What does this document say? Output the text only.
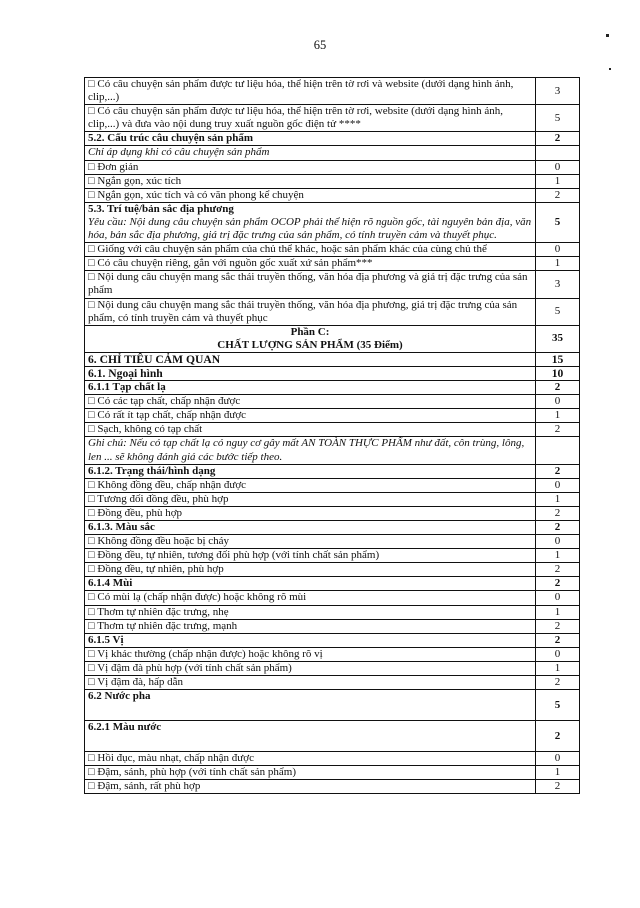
65
□ Có câu chuyện sản phẩm được tư liệu hóa, thể hiện trên tờ rơi và website (dưới dạng hình ảnh, clip,...)	3
□ Có câu chuyện sản phẩm được tư liệu hóa, thể hiện trên tờ rơi, website (dưới dạng hình ảnh, clip,...) và đưa vào nội dung truy xuất nguồn gốc điện tử ****	5
5.2. Cấu trúc câu chuyện sản phẩm	2
Chỉ áp dụng khi có câu chuyện sản phẩm	
□ Đơn giản	0
□ Ngắn gọn, xúc tích	1
□ Ngắn gọn, xúc tích và có văn phong kể chuyện	2

5.3. Trí tuệ/bản sắc địa phương
Yêu cầu: Nội dung câu chuyện sản phẩm OCOP phải thể hiện rõ nguồn gốc, tài nguyên bản địa, văn hóa, bản sắc địa phương, giá trị đặc trưng của sản phẩm, có tính truyền cảm và thuyết phục.	5
□ Giống với câu chuyện sản phẩm của chủ thể khác, hoặc sản phẩm khác của cùng chủ thể	0
□ Có câu chuyện riêng, gắn với nguồn gốc xuất xứ sản phẩm***	1
□ Nội dung câu chuyện mang sắc thái truyền thống, văn hóa địa phương và giá trị đặc trưng của sản phẩm	3
□ Nội dung câu chuyện mang sắc thái truyền thống, văn hóa địa phương, giá trị đặc trưng của sản phẩm, có tính truyền cảm và thuyết phục	5

Phần C:
CHẤT LƯỢNG SẢN PHẨM (35 Điểm)	35
6. CHỈ TIÊU CẢM QUAN	15
6.1. Ngoại hình	10
6.1.1 Tạp chất lạ	2
□ Có các tạp chất, chấp nhận được	0
□ Có rất ít tạp chất, chấp nhận được	1
□ Sạch, không có tạp chất	2
Ghi chú: Nếu có tạp chất lạ có nguy cơ gây mất AN TOÀN THỰC PHẨM như đất, côn trùng, lông, len ... sẽ không đánh giá các bước tiếp theo.	
6.1.2. Trạng thái/hình dạng	2
□ Không đồng đều, chấp nhận được	0
□ Tương đối đồng đều, phù hợp	1
□ Đồng đều, phù hợp	2
6.1.3. Màu sắc	2
□ Không đồng đều hoặc bị cháy	0
□ Đồng đều, tự nhiên, tương đối phù hợp (với tính chất sản phẩm)	1
□ Đồng đều, tự nhiên, phù hợp	2
6.1.4 Mùi	2
□ Có mùi lạ (chấp nhận được) hoặc không rõ mùi	0
□ Thơm tự nhiên đặc trưng, nhẹ	1
□ Thơm tự nhiên đặc trưng, mạnh	2
6.1.5 Vị	2
□ Vị khác thường (chấp nhận được) hoặc không rõ vị	0
□ Vị đậm đà phù hợp (với tính chất sản phẩm)	1
□ Vị đậm đà, hấp dẫn	2
6.2 Nước pha	5
6.2.1 Màu nước	2
□ Hồi đục, màu nhạt, chấp nhận được	0
□ Đậm, sánh, phù hợp (với tính chất sản phẩm)	1
□ Đậm, sánh, rất phù hợp	2
